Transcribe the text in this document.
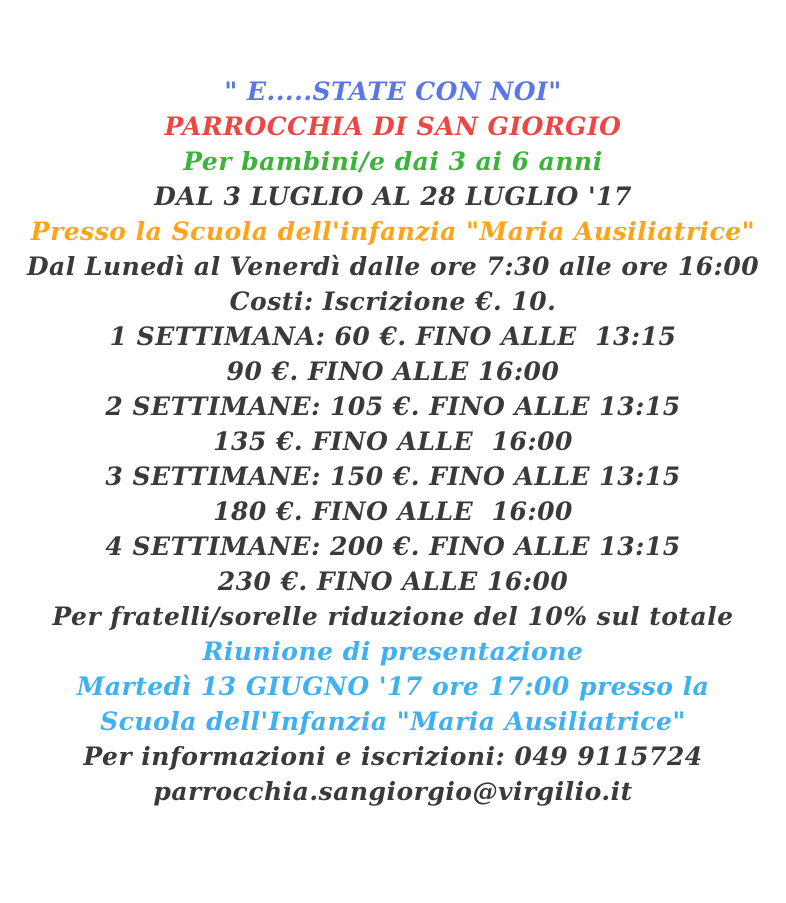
" E.....STATE CON NOI"
PARROCCHIA DI SAN GIORGIO
Per bambini/e dai 3 ai 6 anni
DAL 3 LUGLIO AL 28 LUGLIO '17
Presso la Scuola dell'infanzia "Maria Ausiliatrice"
Dal Lunedì al Venerdì dalle ore 7:30 alle ore 16:00
Costi: Iscrizione €. 10.
1 SETTIMANA: 60 €. FINO ALLE  13:15
90 €. FINO ALLE 16:00
2 SETTIMANE: 105 €. FINO ALLE 13:15
135 €. FINO ALLE  16:00
3 SETTIMANE: 150 €. FINO ALLE 13:15
180 €. FINO ALLE  16:00
4 SETTIMANE: 200 €. FINO ALLE 13:15
230 €. FINO ALLE 16:00
Per fratelli/sorelle riduzione del 10% sul totale
Riunione di presentazione
Martedì 13 GIUGNO '17 ore 17:00 presso la
Scuola dell'Infanzia "Maria Ausiliatrice"
Per informazioni e iscrizioni: 049 9115724
parrocchia.sangiorgio@virgilio.it
